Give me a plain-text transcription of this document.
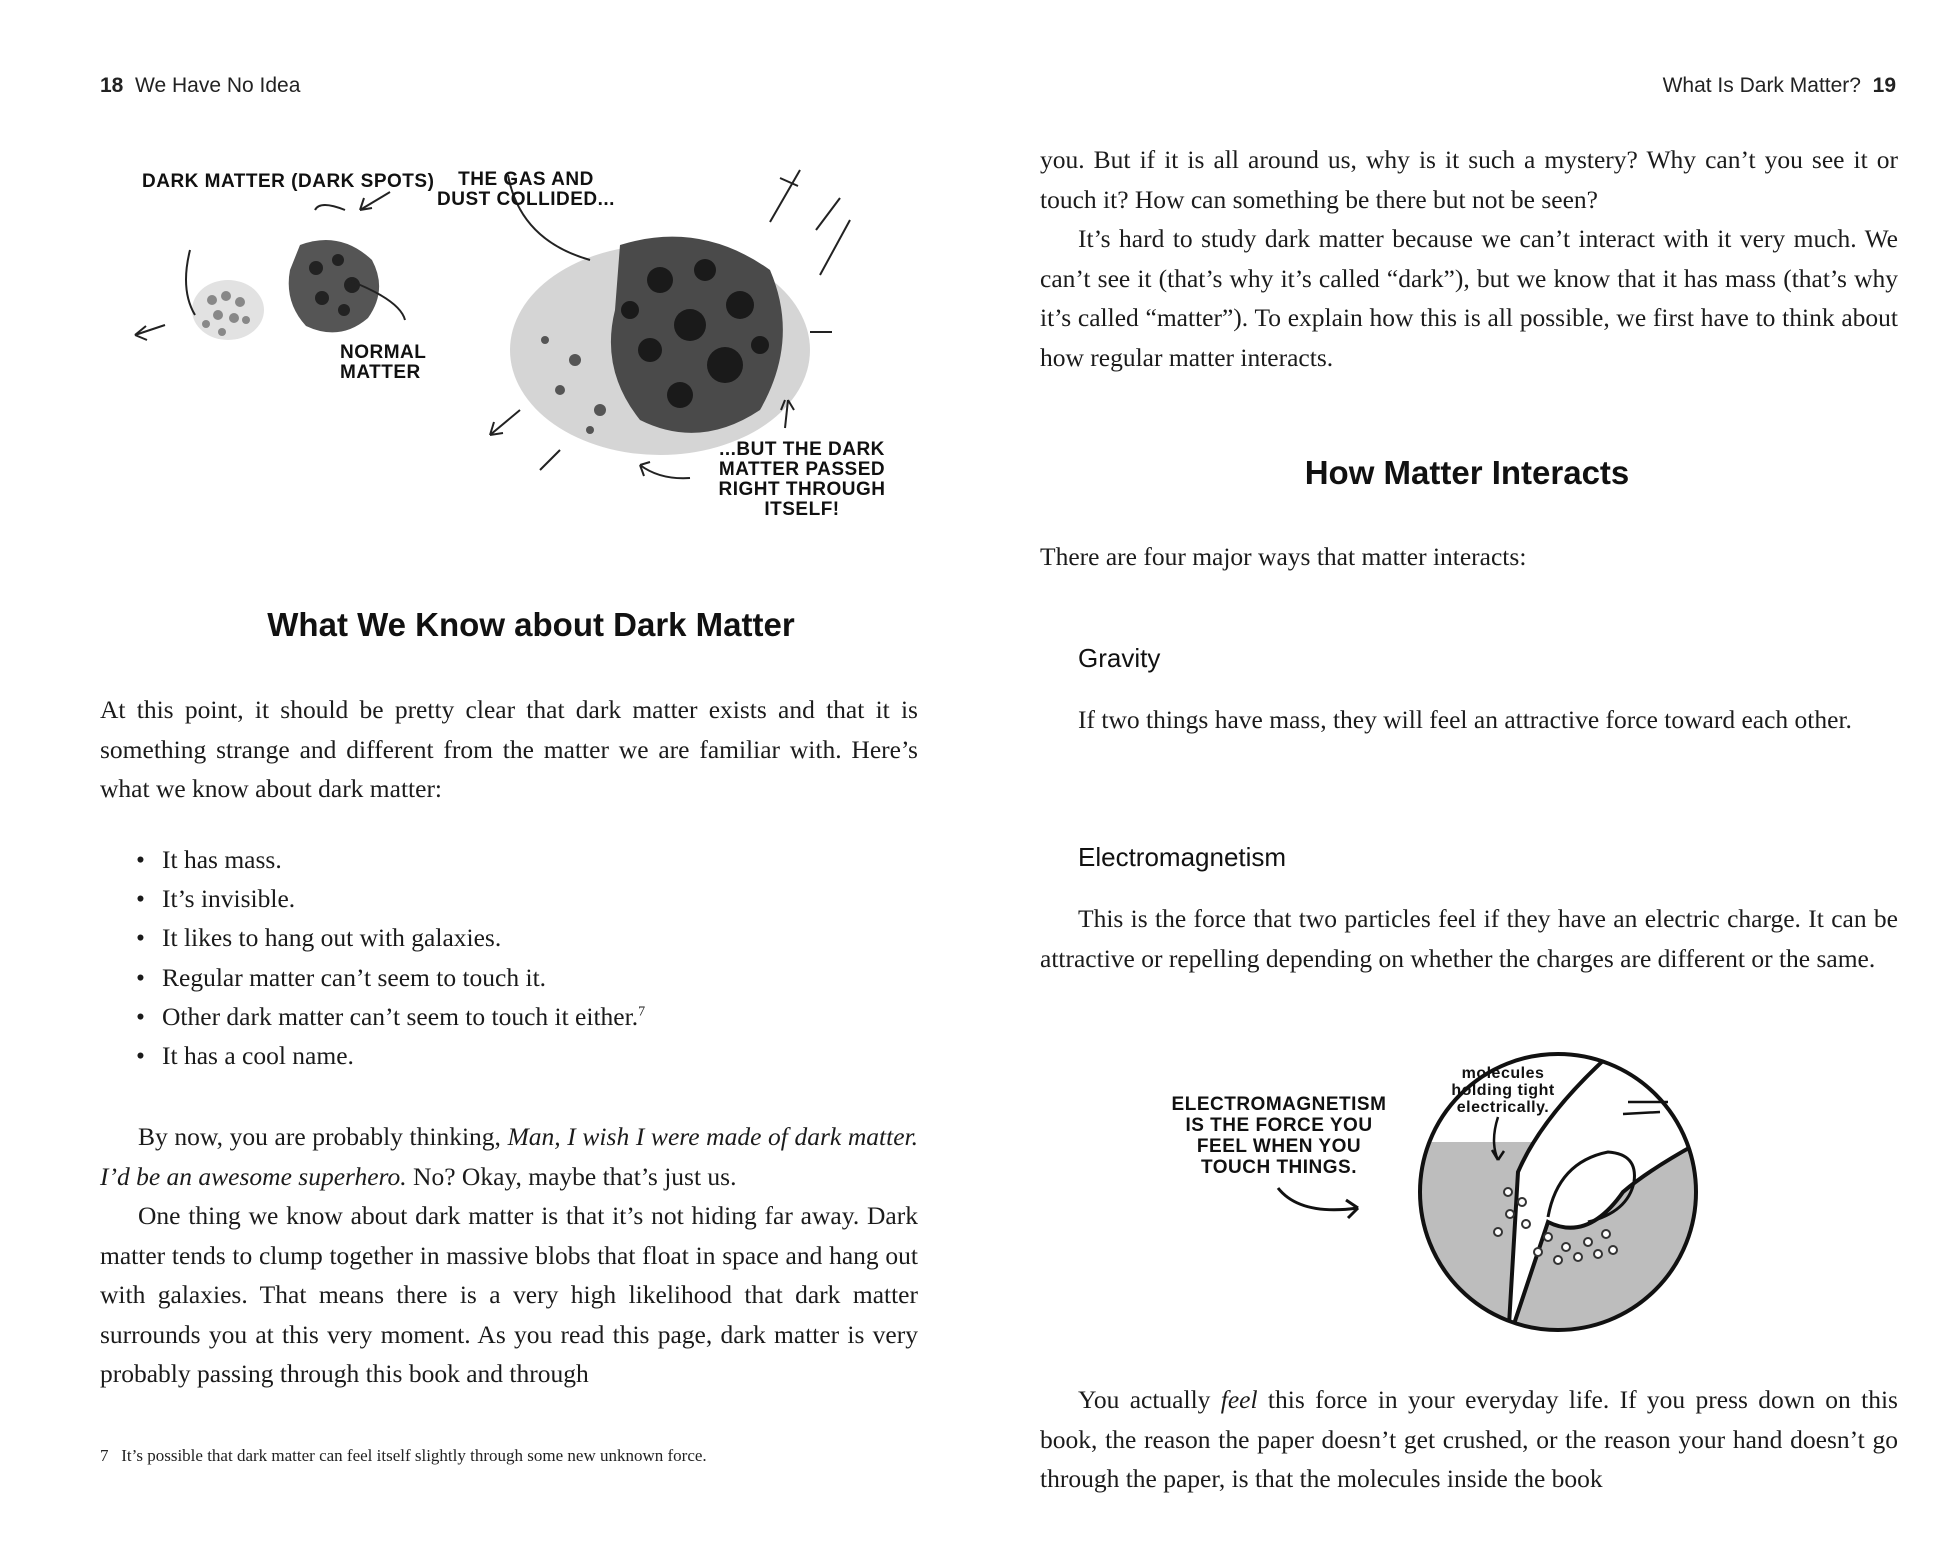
18 We Have No Idea
DARK MATTER (DARK SPOTS)
NORMAL MATTER
THE GAS AND DUST COLLIDED...
...BUT THE DARK MATTER PASSED RIGHT THROUGH ITSELF!
What We Know about Dark Matter

At this point, it should be pretty clear that dark matter exists and that it is something strange and different from the matter we are familiar with. Here’s what we know about dark matter:

• It has mass.
• It’s invisible.
• It likes to hang out with galaxies.
• Regular matter can’t seem to touch it.
• Other dark matter can’t seem to touch it either.$^7$
• It has a cool name.

By now, you are probably thinking, Man, I wish I were made of dark matter. I’d be an awesome superhero. No? Okay, maybe that’s just us.

One thing we know about dark matter is that it’s not hiding far away. Dark matter tends to clump together in massive blobs that float in space and hang out with galaxies. That means there is a very high likelihood that dark matter surrounds you at this very moment. As you read this page, dark matter is very probably passing through this book and through

7 It’s possible that dark matter can feel itself slightly through some new unknown force.
What Is Dark Matter? 19

you. But if it is all around us, why is it such a mystery? Why can’t you see it or touch it? How can something be there but not be seen?

It’s hard to study dark matter because we can’t interact with it very much. We can’t see it (that’s why it’s called “dark”), but we know that it has mass (that’s why it’s called “matter”). To explain how this is all possible, we first have to think about how regular matter interacts.

How Matter Interacts

There are four major ways that matter interacts:

Gravity

If two things have mass, they will feel an attractive force toward each other.

Electromagnetism

This is the force that two particles feel if they have an electric charge. It can be attractive or repelling depending on whether the charges are different or the same.

ELECTROMAGNETISM IS THE FORCE YOU FEEL WHEN YOU TOUCH THINGS.
molecules holding tight electrically.

You actually feel this force in your everyday life. If you press down on this book, the reason the paper doesn’t get crushed, or the reason your hand doesn’t go through the paper, is that the molecules inside the book
